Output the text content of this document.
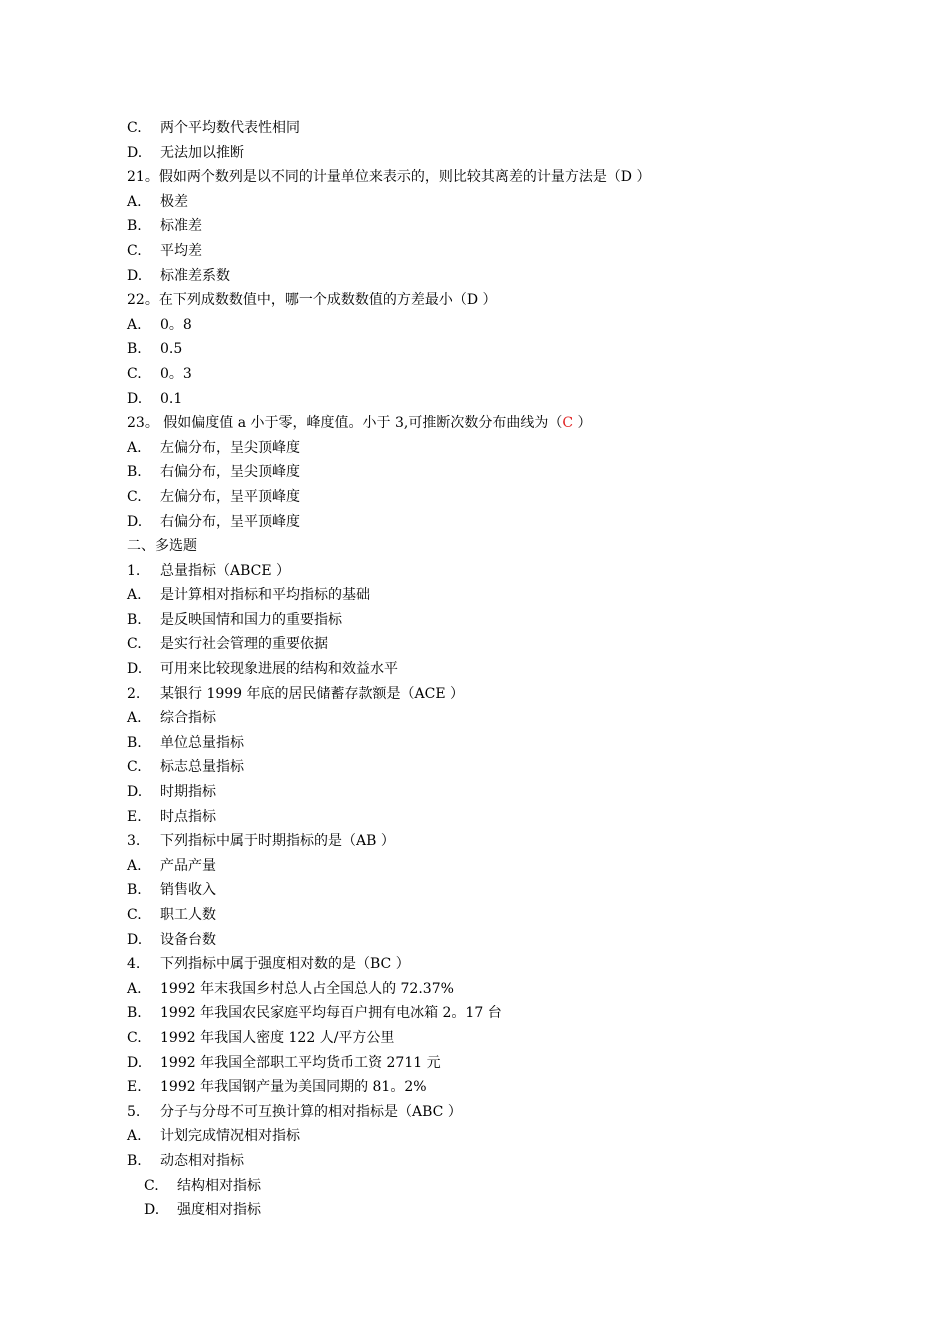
C. 两个平均数代表性相同
D. 无法加以推断
21。假如两个数列是以不同的计量单位来表示的，则比较其离差的计量方法是（D ）
A. 极差
B. 标准差
C. 平均差
D. 标准差系数
22。在下列成数数值中，哪一个成数数值的方差最小（D ）
A. 0。8
B. 0.5
C. 0。3
D. 0.1
23。 假如偏度值 a 小于零，峰度值。小于 3,可推断次数分布曲线为（C ）
A. 左偏分布，呈尖顶峰度
B. 右偏分布，呈尖顶峰度
C. 左偏分布，呈平顶峰度
D. 右偏分布，呈平顶峰度
二、多选题
1. 总量指标（ABCE ）
A. 是计算相对指标和平均指标的基础
B. 是反映国情和国力的重要指标
C. 是实行社会管理的重要依据
D. 可用来比较现象进展的结构和效益水平
2. 某银行 1999 年底的居民储蓄存款额是（ACE ）
A. 综合指标
B. 单位总量指标
C. 标志总量指标
D. 时期指标
E. 时点指标
3. 下列指标中属于时期指标的是（AB ）
A. 产品产量
B. 销售收入
C. 职工人数
D. 设备台数
4. 下列指标中属于强度相对数的是（BC ）
A. 1992 年末我国乡村总人占全国总人的 72.37%
B. 1992 年我国农民家庭平均每百户拥有电冰箱 2。17 台
C. 1992 年我国人密度 122 人/平方公里
D. 1992 年我国全部职工平均货币工资 2711 元
E. 1992 年我国钢产量为美国同期的 81。2%
5. 分子与分母不可互换计算的相对指标是（ABC ）
A. 计划完成情况相对指标
B. 动态相对指标
C. 结构相对指标
D. 强度相对指标
